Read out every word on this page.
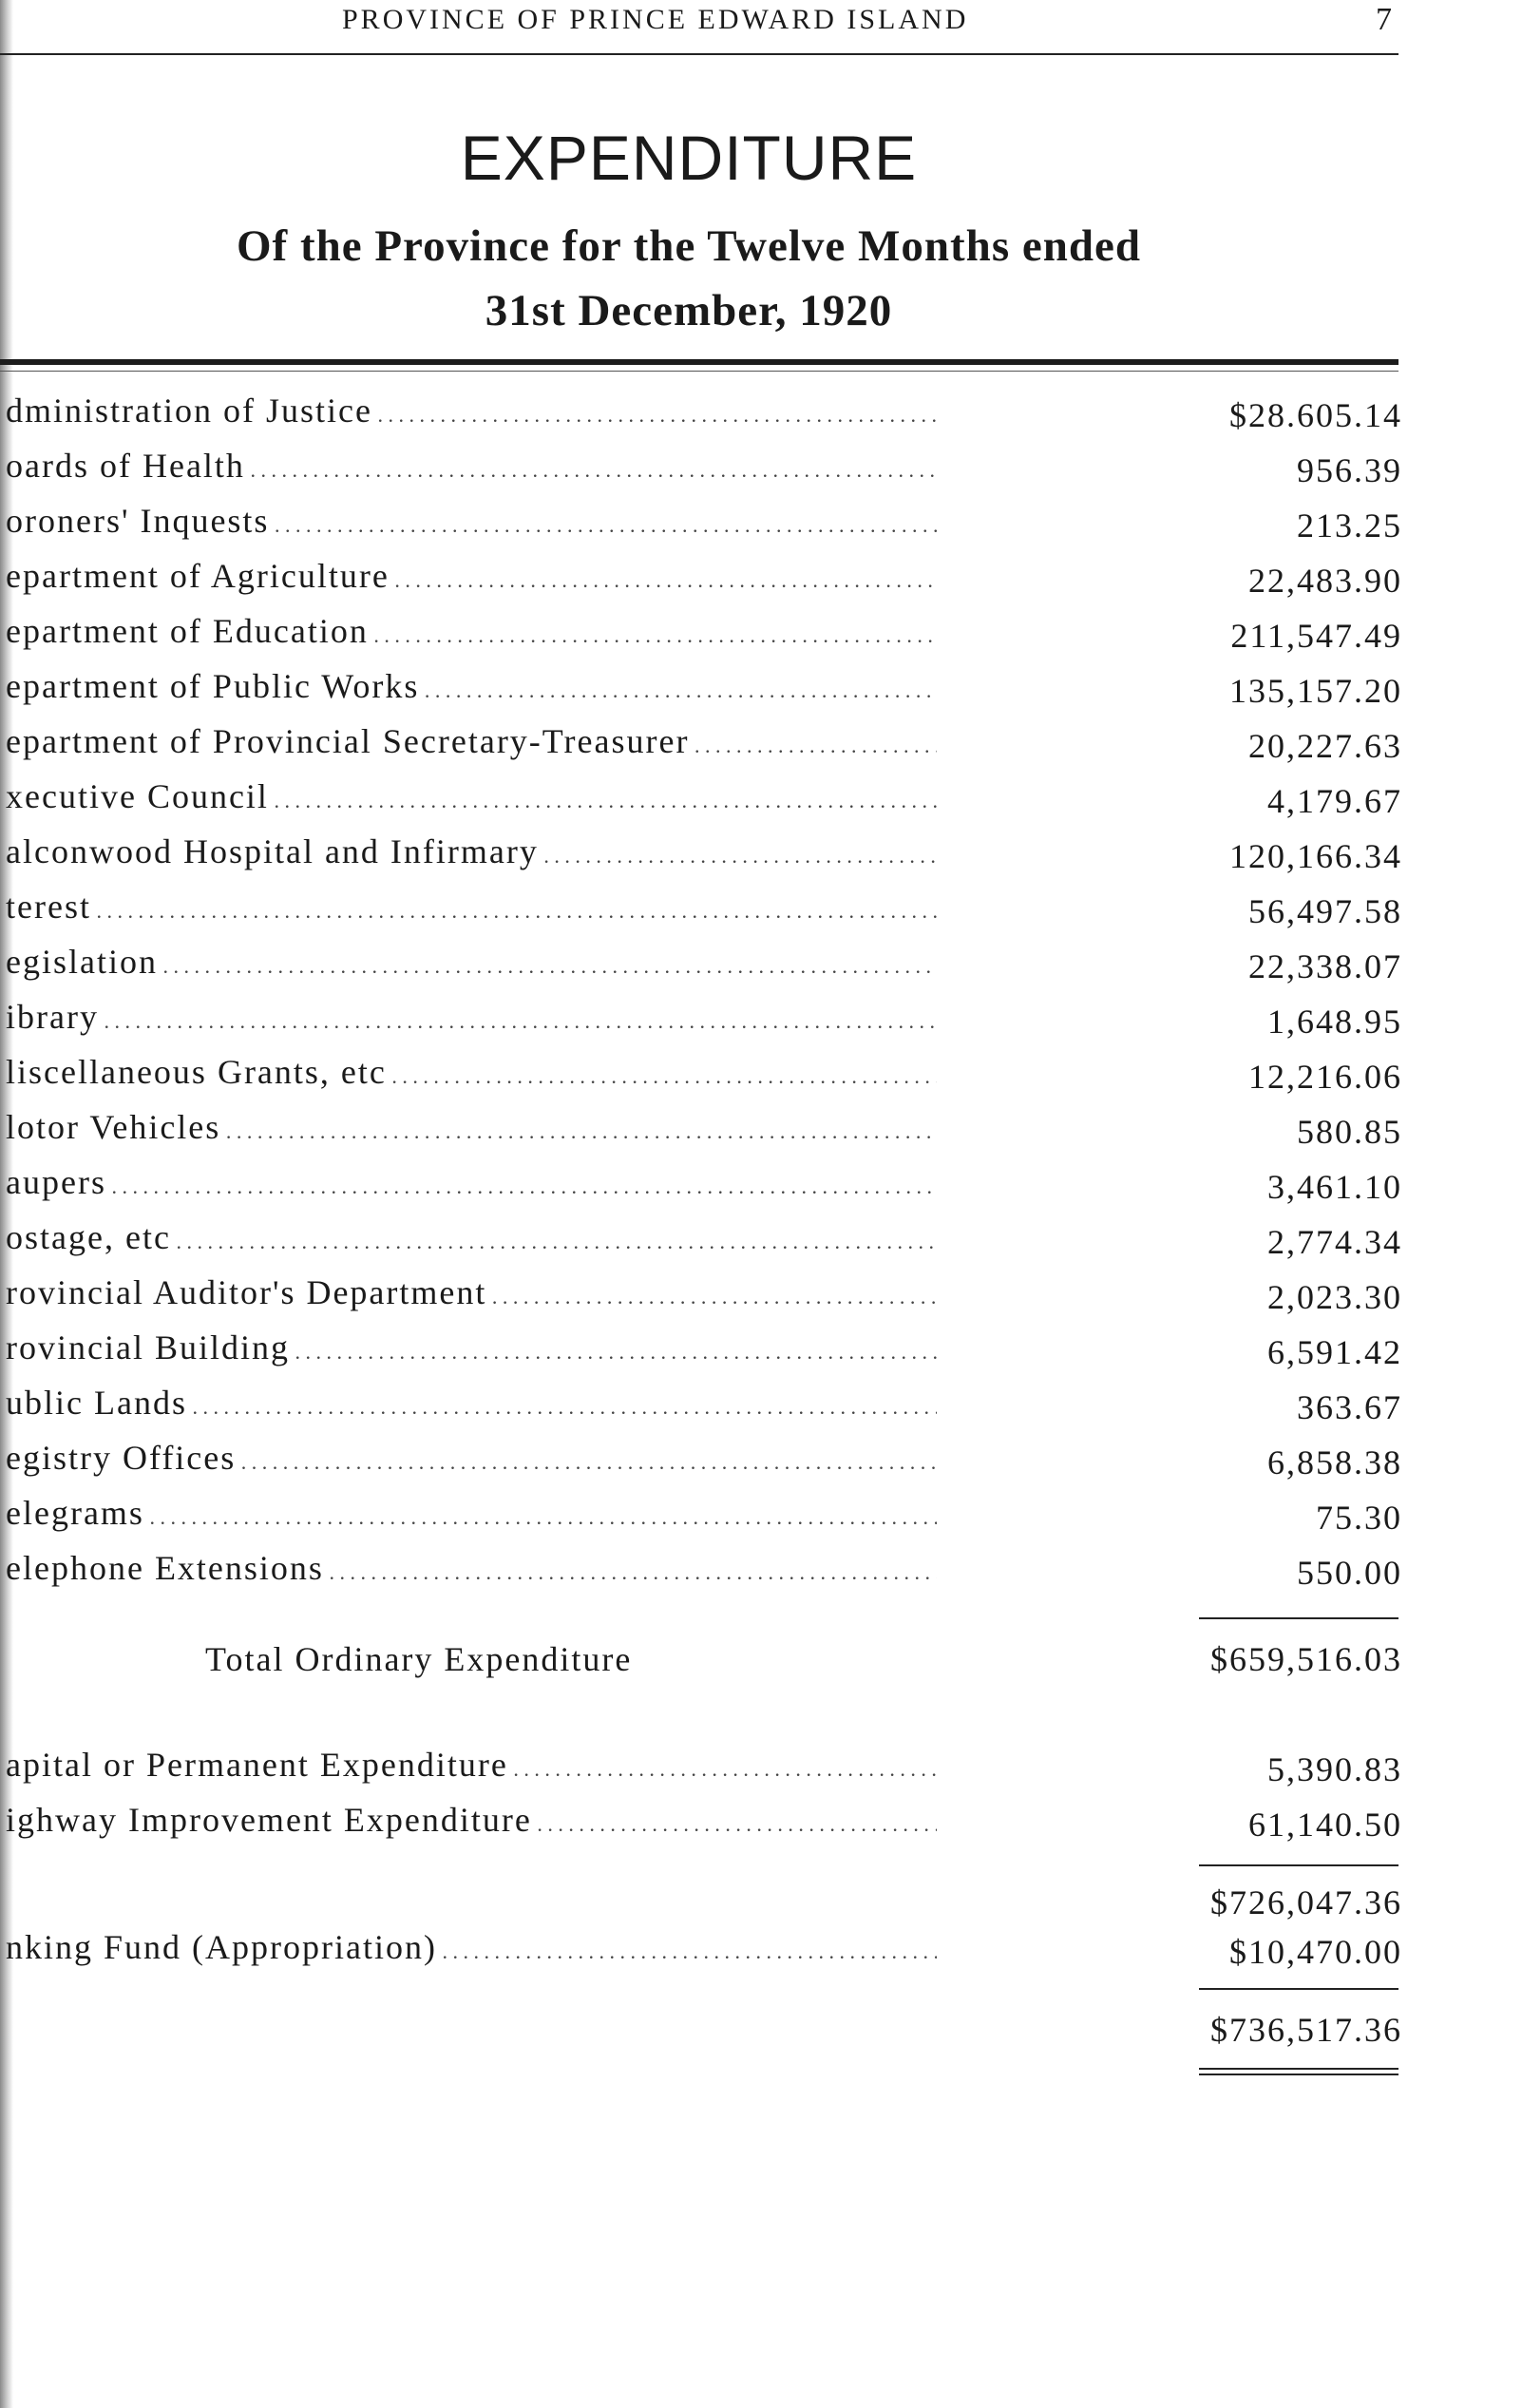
PROVINCE OF PRINCE EDWARD ISLAND	7
EXPENDITURE
Of the Province for the Twelve Months ended
31st December, 1920
dministration of Justice . . .	$28.605.14
oards of Health . . .	956.39
oroners' Inquests . . .	213.25
epartment of Agriculture . . .	22,483.90
epartment of Education . . .	211,547.49
epartment of Public Works . . .	135,157.20
epartment of Provincial Secretary-Treasurer . . .	20,227.63
xecutive Council . . .	4,179.67
alconwood Hospital and Infirmary . . .	120,166.34
terest . . .	56,497.58
egislation . . .	22,338.07
ibrary . . .	1,648.95
liscellaneous Grants, etc . . .	12,216.06
lotor Vehicles . . .	580.85
aupers . . .	3,461.10
ostage, etc . . .	2,774.34
rovincial Auditor's Department . . .	2,023.30
rovincial Building . . .	6,591.42
ublic Lands . . .	363.67
egistry Offices . . .	6,858.38
elegrams . . .	75.30
elephone Extensions . . .	550.00
Total Ordinary Expenditure	$659,516.03
apital or Permanent Expenditure . . .	5,390.83
ighway Improvement Expenditure . . .	61,140.50
$726,047.36
nking Fund (Appropriation) . . .	$10,470.00
$736,517.36
